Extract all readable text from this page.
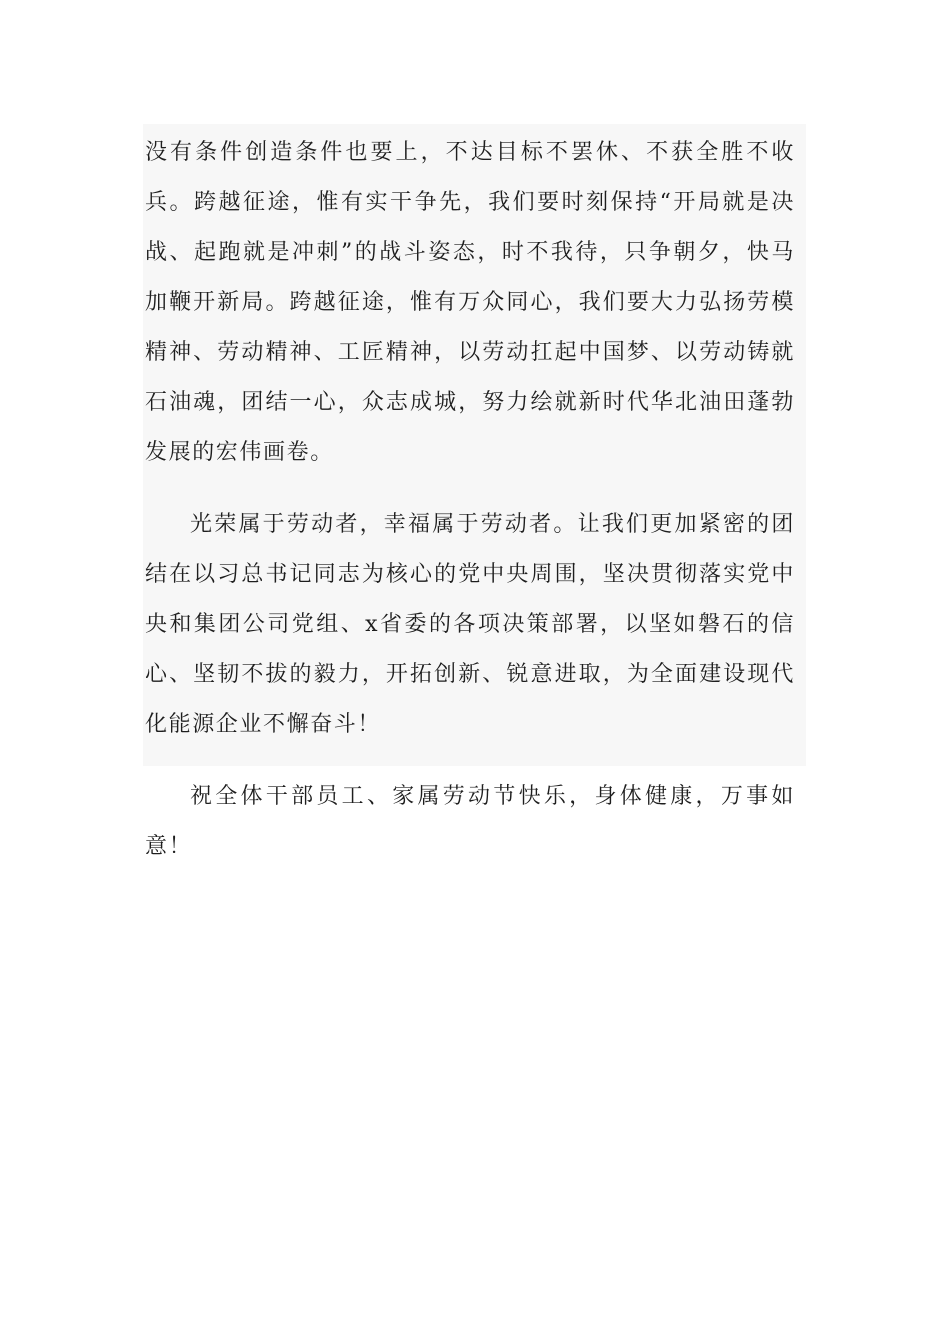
没有条件创造条件也要上，不达目标不罢休、不获全胜不收兵。跨越征途，惟有实干争先，我们要时刻保持“开局就是决战、起跑就是冲刺”的战斗姿态，时不我待，只争朝夕，快马加鞭开新局。跨越征途，惟有万众同心，我们要大力弘扬劳模精神、劳动精神、工匠精神，以劳动扛起中国梦、以劳动铸就石油魂，团结一心，众志成城，努力绘就新时代华北油田蓬勃发展的宏伟画卷。

光荣属于劳动者，幸福属于劳动者。让我们更加紧密的团结在以习总书记同志为核心的党中央周围，坚决贯彻落实党中央和集团公司党组、x省委的各项决策部署，以坚如磐石的信心、坚韧不拔的毅力，开拓创新、锐意进取，为全面建设现代化能源企业不懈奋斗！

祝全体干部员工、家属劳动节快乐，身体健康，万事如意！
